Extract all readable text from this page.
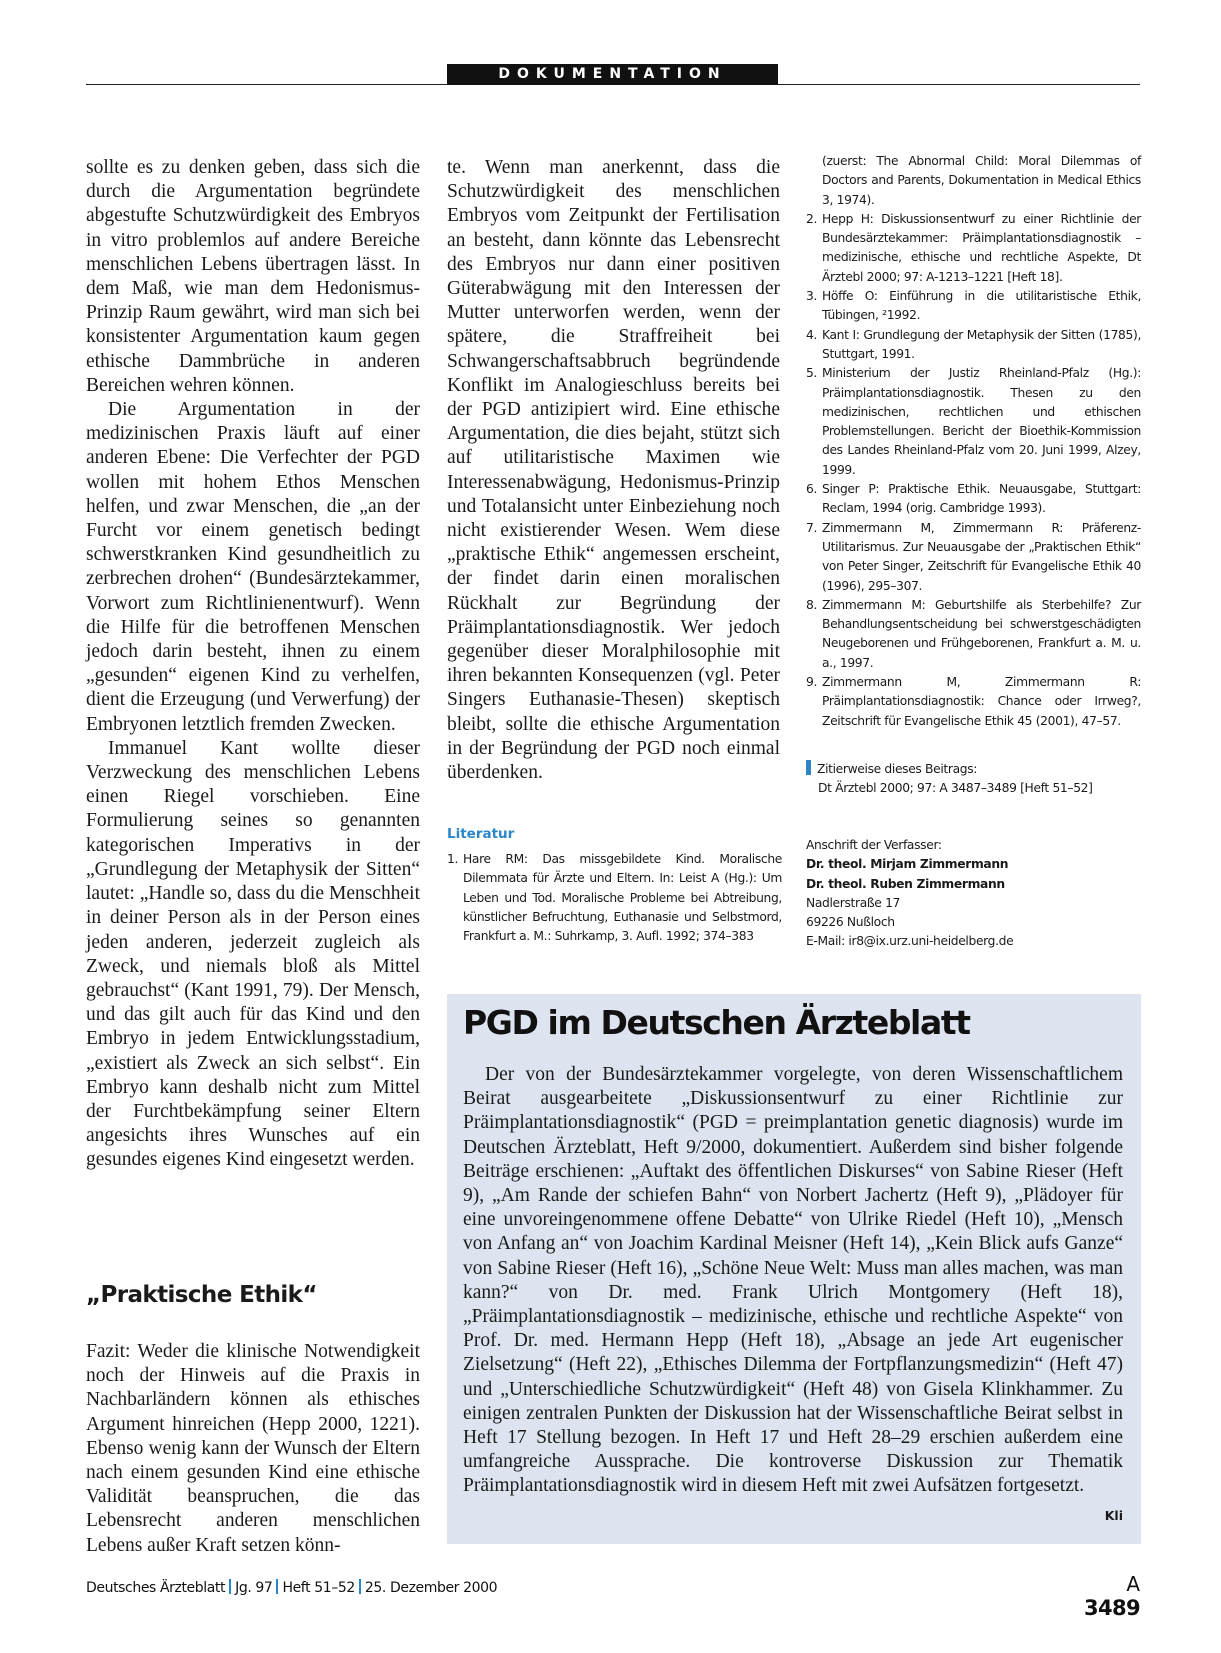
DOKUMENTATION

sollte es zu denken geben, dass sich die durch die Argumentation begründete abgestufte Schutzwürdigkeit des Embryos in vitro problemlos auf andere Bereiche menschlichen Lebens übertragen lässt. In dem Maß, wie man dem Hedonismus-Prinzip Raum gewährt, wird man sich bei konsistenter Argumentation kaum gegen ethische Dammbrüche in anderen Bereichen wehren können.

Die Argumentation in der medizinischen Praxis läuft auf einer anderen Ebene: Die Verfechter der PGD wollen mit hohem Ethos Menschen helfen, und zwar Menschen, die „an der Furcht vor einem genetisch bedingt schwerstkranken Kind gesundheitlich zu zerbrechen drohen“ (Bundesärztekammer, Vorwort zum Richtlinienentwurf). Wenn die Hilfe für die betroffenen Menschen jedoch darin besteht, ihnen zu einem „gesunden“ eigenen Kind zu verhelfen, dient die Erzeugung (und Verwerfung) der Embryonen letztlich fremden Zwecken.

Immanuel Kant wollte dieser Verzweckung des menschlichen Lebens einen Riegel vorschieben. Eine Formulierung seines so genannten kategorischen Imperativs in der „Grundlegung der Metaphysik der Sitten“ lautet: „Handle so, dass du die Menschheit in deiner Person als in der Person eines jeden anderen, jederzeit zugleich als Zweck, und niemals bloß als Mittel gebrauchst“ (Kant 1991, 79). Der Mensch, und das gilt auch für das Kind und den Embryo in jedem Entwicklungsstadium, „existiert als Zweck an sich selbst“. Ein Embryo kann deshalb nicht zum Mittel der Furchtbekämpfung seiner Eltern angesichts ihres Wunsches auf ein gesundes eigenes Kind eingesetzt werden.

„Praktische Ethik“

Fazit: Weder die klinische Notwendigkeit noch der Hinweis auf die Praxis in Nachbarländern können als ethisches Argument hinreichen (Hepp 2000, 1221). Ebenso wenig kann der Wunsch der Eltern nach einem gesunden Kind eine ethische Validität beanspruchen, die das Lebensrecht anderen menschlichen Lebens außer Kraft setzen könn-

te. Wenn man anerkennt, dass die Schutzwürdigkeit des menschlichen Embryos vom Zeitpunkt der Fertilisation an besteht, dann könnte das Lebensrecht des Embryos nur dann einer positiven Güterabwägung mit den Interessen der Mutter unterworfen werden, wenn der spätere, die Straffreiheit bei Schwangerschaftsabbruch begründende Konflikt im Analogieschluss bereits bei der PGD antizipiert wird. Eine ethische Argumentation, die dies bejaht, stützt sich auf utilitaristische Maximen wie Interessenabwägung, Hedonismus-Prinzip und Totalansicht unter Einbeziehung noch nicht existierender Wesen. Wem diese „praktische Ethik“ angemessen erscheint, der findet darin einen moralischen Rückhalt zur Begründung der Präimplantationsdiagnostik. Wer jedoch gegenüber dieser Moralphilosophie mit ihren bekannten Konsequenzen (vgl. Peter Singers Euthanasie-Thesen) skeptisch bleibt, sollte die ethische Argumentation in der Begründung der PGD noch einmal überdenken.

Literatur
1. Hare RM: Das missgebildete Kind. Moralische Dilemmata für Ärzte und Eltern. In: Leist A (Hg.): Um Leben und Tod. Moralische Probleme bei Abtreibung, künstlicher Befruchtung, Euthanasie und Selbstmord, Frankfurt a. M.: Suhrkamp, 3. Aufl. 1992; 374–383
(zuerst: The Abnormal Child: Moral Dilemmas of Doctors and Parents, Dokumentation in Medical Ethics 3, 1974).
2. Hepp H: Diskussionsentwurf zu einer Richtlinie der Bundesärztekammer: Präimplantationsdiagnostik – medizinische, ethische und rechtliche Aspekte, Dt Ärztebl 2000; 97: A-1213–1221 [Heft 18].
3. Höffe O: Einführung in die utilitaristische Ethik, Tübingen, ²1992.
4. Kant I: Grundlegung der Metaphysik der Sitten (1785), Stuttgart, 1991.
5. Ministerium der Justiz Rheinland-Pfalz (Hg.): Präimplantationsdiagnostik. Thesen zu den medizinischen, rechtlichen und ethischen Problemstellungen. Bericht der Bioethik-Kommission des Landes Rheinland-Pfalz vom 20. Juni 1999, Alzey, 1999.
6. Singer P: Praktische Ethik. Neuausgabe, Stuttgart: Reclam, 1994 (orig. Cambridge 1993).
7. Zimmermann M, Zimmermann R: Präferenz-Utilitarismus. Zur Neuausgabe der „Praktischen Ethik“ von Peter Singer, Zeitschrift für Evangelische Ethik 40 (1996), 295–307.
8. Zimmermann M: Geburtshilfe als Sterbehilfe? Zur Behandlungsentscheidung bei schwerstgeschädigten Neugeborenen und Frühgeborenen, Frankfurt a. M. u. a., 1997.
9. Zimmermann M, Zimmermann R: Präimplantationsdiagnostik: Chance oder Irrweg?, Zeitschrift für Evangelische Ethik 45 (2001), 47–57.
Zitierweise dieses Beitrags:
Dt Ärztebl 2000; 97: A 3487–3489 [Heft 51–52]
Anschrift der Verfasser:
Dr. theol. Mirjam Zimmermann
Dr. theol. Ruben Zimmermann
Nadlerstraße 17
69226 Nußloch
E-Mail: ir8@ix.urz.uni-heidelberg.de
PGD im Deutschen Ärzteblatt

Der von der Bundesärztekammer vorgelegte, von deren Wissenschaftlichem Beirat ausgearbeitete „Diskussionsentwurf zu einer Richtlinie zur Präimplantationsdiagnostik“ (PGD = preimplantation genetic diagnosis) wurde im Deutschen Ärzteblatt, Heft 9/2000, dokumentiert. Außerdem sind bisher folgende Beiträge erschienen: „Auftakt des öffentlichen Diskurses“ von Sabine Rieser (Heft 9), „Am Rande der schiefen Bahn“ von Norbert Jachertz (Heft 9), „Plädoyer für eine unvoreingenommene offene Debatte“ von Ulrike Riedel (Heft 10), „Mensch von Anfang an“ von Joachim Kardinal Meisner (Heft 14), „Kein Blick aufs Ganze“ von Sabine Rieser (Heft 16), „Schöne Neue Welt: Muss man alles machen, was man kann?“ von Dr. med. Frank Ulrich Montgomery (Heft 18), „Präimplantationsdiagnostik – medizinische, ethische und rechtliche Aspekte“ von Prof. Dr. med. Hermann Hepp (Heft 18), „Absage an jede Art eugenischer Zielsetzung“ (Heft 22), „Ethisches Dilemma der Fortpflanzungsmedizin“ (Heft 47) und „Unterschiedliche Schutzwürdigkeit“ (Heft 48) von Gisela Klinkhammer. Zu einigen zentralen Punkten der Diskussion hat der Wissenschaftliche Beirat selbst in Heft 17 Stellung bezogen. In Heft 17 und Heft 28–29 erschien außerdem eine umfangreiche Aussprache. Die kontroverse Diskussion zur Thematik Präimplantationsdiagnostik wird in diesem Heft mit zwei Aufsätzen fortgesetzt.
Kli

Deutsches Ärzteblatt Jg. 97 Heft 51–52 25. Dezember 2000	A 3489
